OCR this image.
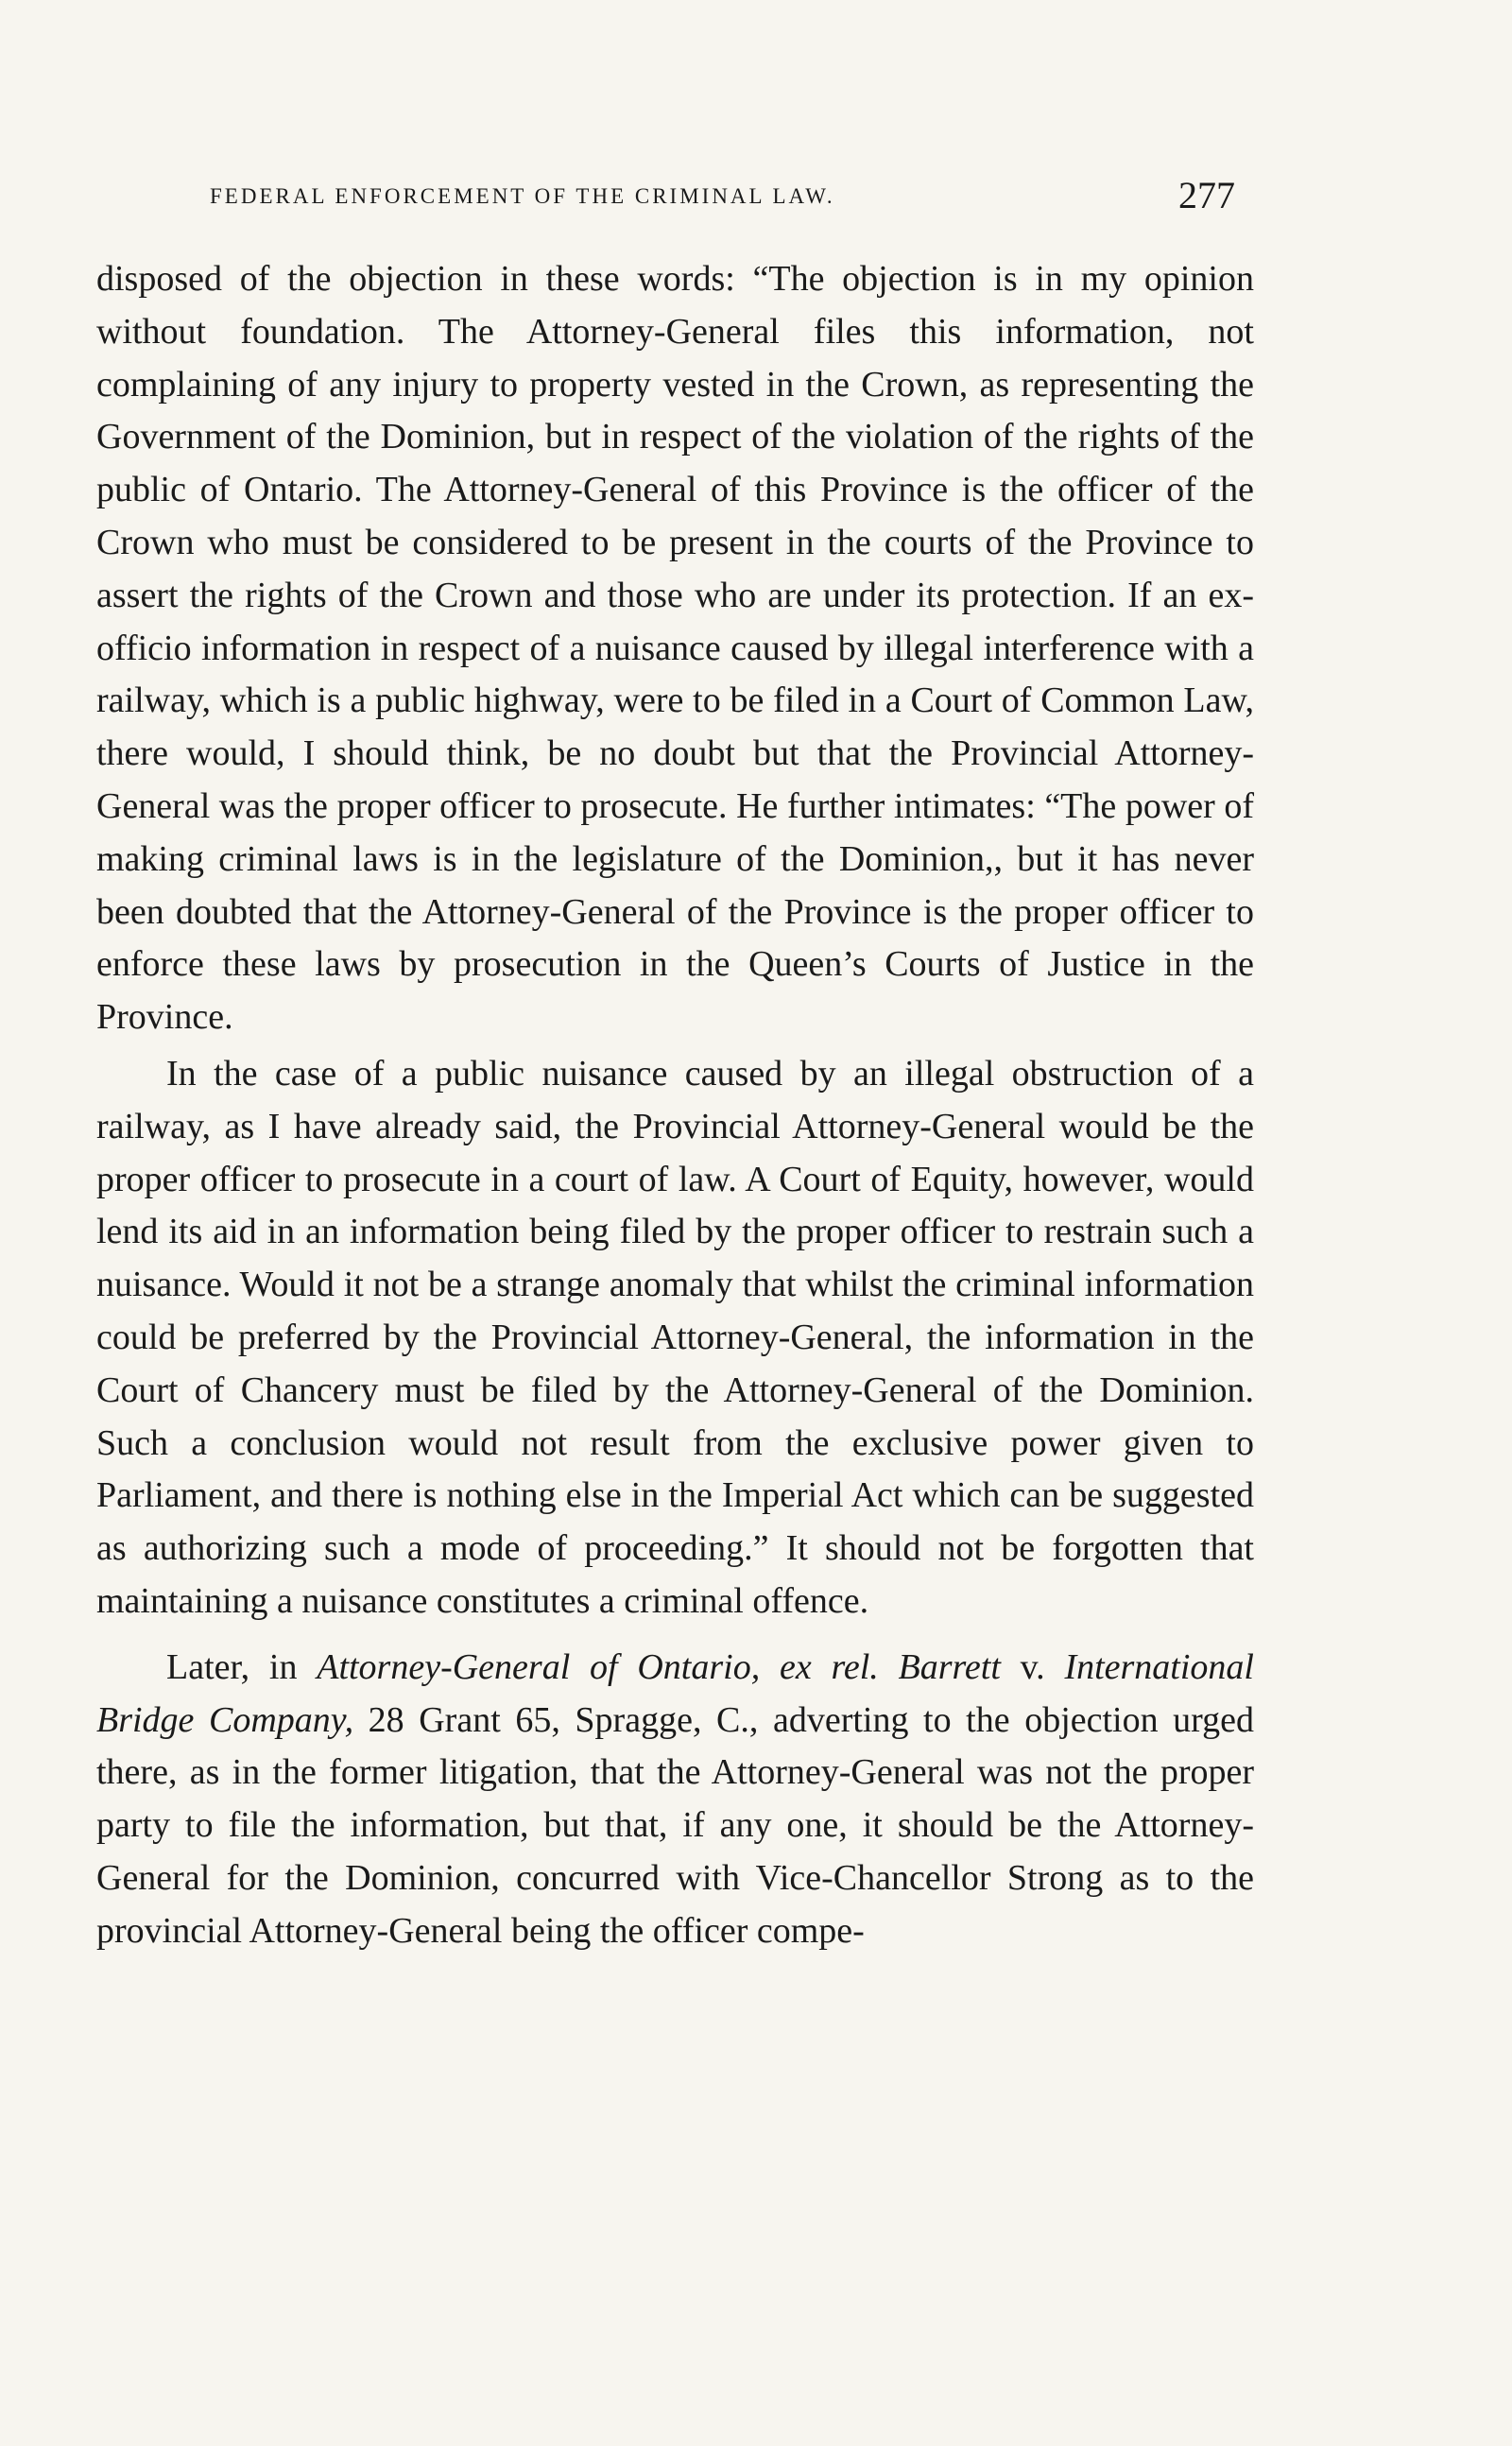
FEDERAL ENFORCEMENT OF THE CRIMINAL LAW.	277

disposed of the objection in these words: “The objection is in my opinion without foundation. The Attorney-General files this information, not complaining of any injury to property vested in the Crown, as representing the Government of the Dominion, but in respect of the violation of the rights of the public of Ontario. The Attorney-General of this Province is the officer of the Crown who must be considered to be present in the courts of the Province to assert the rights of the Crown and those who are under its protection. If an ex-officio information in respect of a nuisance caused by illegal interference with a railway, which is a public highway, were to be filed in a Court of Common Law, there would, I should think, be no doubt but that the Provincial Attorney-General was the proper officer to prosecute. He further intimates: “The power of making criminal laws is in the legislature of the Dominion,, but it has never been doubted that the Attorney-General of the Province is the proper officer to enforce these laws by prosecution in the Queen’s Courts of Justice in the Province.

In the case of a public nuisance caused by an illegal obstruction of a railway, as I have already said, the Provincial Attorney-General would be the proper officer to prosecute in a court of law. A Court of Equity, however, would lend its aid in an information being filed by the proper officer to restrain such a nuisance. Would it not be a strange anomaly that whilst the criminal information could be preferred by the Provincial Attorney-General, the information in the Court of Chancery must be filed by the Attorney-General of the Dominion. Such a conclusion would not result from the exclusive power given to Parliament, and there is nothing else in the Imperial Act which can be suggested as authorizing such a mode of proceeding.” It should not be forgotten that maintaining a nuisance constitutes a criminal offence.

Later, in Attorney-General of Ontario, ex rel. Barrett v. International Bridge Company, 28 Grant 65, Spragge, C., adverting to the objection urged there, as in the former litigation, that the Attorney-General was not the proper party to file the information, but that, if any one, it should be the Attorney-General for the Dominion, concurred with Vice-Chancellor Strong as to the provincial Attorney-General being the officer compe-
